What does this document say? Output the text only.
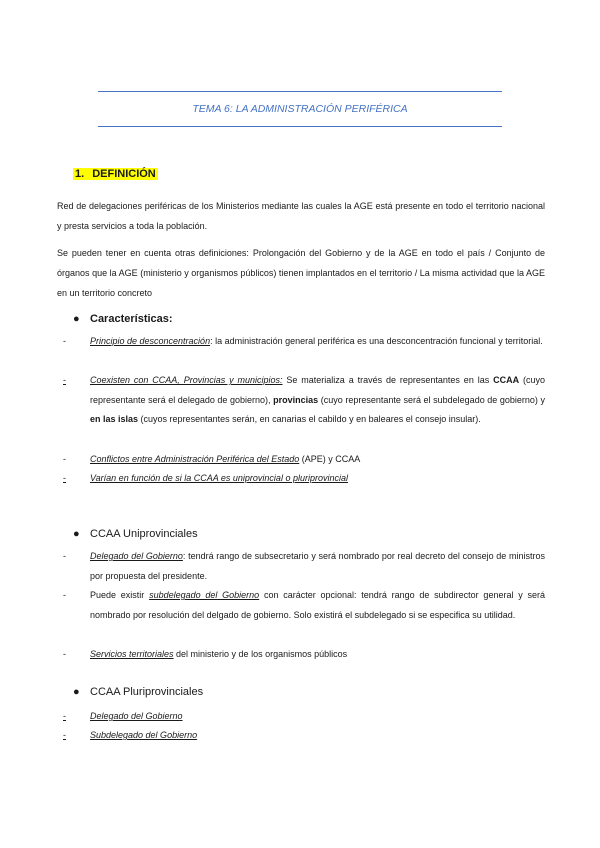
TEMA 6: LA ADMINISTRACIÓN PERIFÉRICA
1. DEFINICIÓN

Red de delegaciones periféricas de los Ministerios mediante las cuales la AGE está presente en todo el territorio nacional y presta servicios a toda la población.

Se pueden tener en cuenta otras definiciones: Prolongación del Gobierno y de la AGE en todo el país / Conjunto de órganos que la AGE (ministerio y organismos públicos) tienen implantados en el territorio / La misma actividad que la AGE en un territorio concreto

● Características:
-	Principio de desconcentración: la administración general periférica es una desconcentración funcional y territorial.
-	Coexisten con CCAA, Provincias y municipios: Se materializa a través de representantes en las CCAA (cuyo representante será el delegado de gobierno), provincias (cuyo representante será el subdelegado de gobierno) y en las islas (cuyos representantes serán, en canarias el cabildo y en baleares el consejo insular).
-	Conflictos entre Administración Periférica del Estado (APE) y CCAA
-	Varían en función de si la CCAA es uniprovincial o pluriprovincial
● CCAA Uniprovinciales
-	Delegado del Gobierno: tendrá rango de subsecretario y será nombrado por real decreto del consejo de ministros por propuesta del presidente.
-	Puede existir subdelegado del Gobierno con carácter opcional: tendrá rango de subdirector general y será nombrado por resolución del delgado de gobierno. Solo existirá el subdelegado si se especifica su utilidad.
-	Servicios territoriales del ministerio y de los organismos públicos
● CCAA Pluriprovinciales
-	Delegado del Gobierno
-	Subdelegado del Gobierno
